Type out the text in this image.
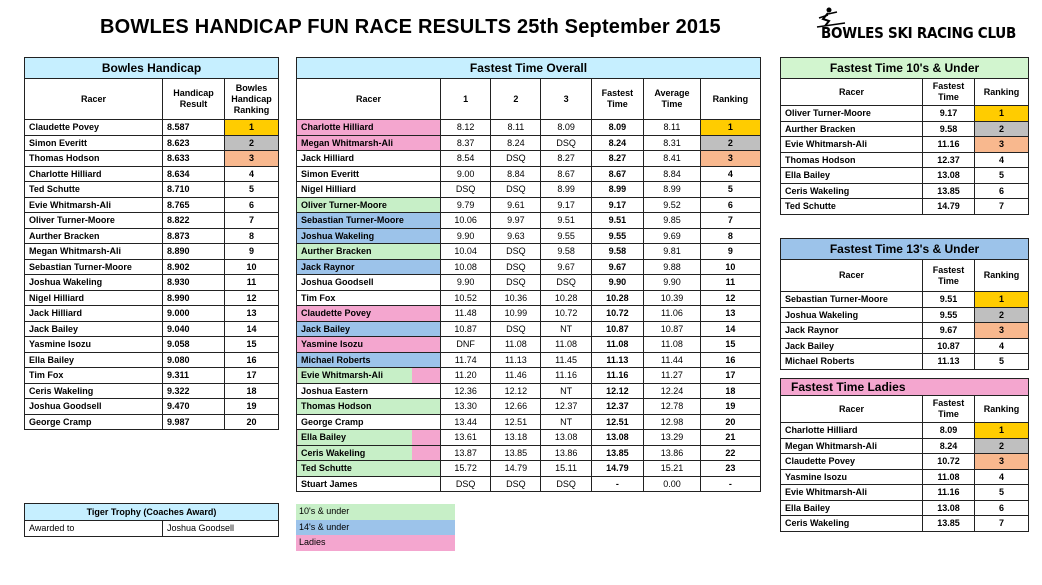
BOWLES HANDICAP FUN RACE RESULTS 25th September 2015	BOWLES SKI RACING CLUB
Bowles Handicap		
Racer	Handicap Result	Bowles Handicap Ranking
Claudette Povey	8.587	1
Simon Everitt	8.623	2
Thomas Hodson	8.633	3
Charlotte Hilliard	8.634	4
Ted Schutte	8.710	5
Evie Whitmarsh-Ali	8.765	6
Oliver Turner-Moore	8.822	7
Aurther Bracken	8.873	8
Megan Whitmarsh-Ali	8.890	9
Sebastian Turner-Moore	8.902	10
Joshua Wakeling	8.930	11
Nigel Hilliard	8.990	12
Jack Hilliard	9.000	13
Jack Bailey	9.040	14
Yasmine Isozu	9.058	15
Ella Bailey	9.080	16
Tim Fox	9.311	17
Ceris Wakeling	9.322	18
Joshua Goodsell	9.470	19
George Cramp	9.987	20
Fastest Time Overall						
Racer	1	2	3	Fastest Time	Average Time	Ranking
Charlotte Hilliard	8.12	8.11	8.09	8.09	8.11	1
Megan Whitmarsh-Ali	8.37	8.24	DSQ	8.24	8.31	2
Jack Hilliard	8.54	DSQ	8.27	8.27	8.41	3
Simon Everitt	9.00	8.84	8.67	8.67	8.84	4
Nigel Hilliard	DSQ	DSQ	8.99	8.99	8.99	5
Oliver Turner-Moore	9.79	9.61	9.17	9.17	9.52	6
Sebastian Turner-Moore	10.06	9.97	9.51	9.51	9.85	7
Joshua Wakeling	9.90	9.63	9.55	9.55	9.69	8
Aurther Bracken	10.04	DSQ	9.58	9.58	9.81	9
Jack Raynor	10.08	DSQ	9.67	9.67	9.88	10
Joshua Goodsell	9.90	DSQ	DSQ	9.90	9.90	11
Tim Fox	10.52	10.36	10.28	10.28	10.39	12
Claudette Povey	11.48	10.99	10.72	10.72	11.06	13
Jack Bailey	10.87	DSQ	NT	10.87	10.87	14
Yasmine Isozu	DNF	11.08	11.08	11.08	11.08	15
Michael Roberts	11.74	11.13	11.45	11.13	11.44	16
Evie Whitmarsh-Ali	11.20	11.46	11.16	11.16	11.27	17
Joshua Eastern	12.36	12.12	NT	12.12	12.24	18
Thomas Hodson	13.30	12.66	12.37	12.37	12.78	19
George Cramp	13.44	12.51	NT	12.51	12.98	20
Ella Bailey	13.61	13.18	13.08	13.08	13.29	21
Ceris Wakeling	13.87	13.85	13.86	13.85	13.86	22
Ted Schutte	15.72	14.79	15.11	14.79	15.21	23
Stuart James	DSQ	DSQ	DSQ	-	0.00	-
Fastest Time 10's & Under		
Racer	Fastest Time	Ranking
Oliver Turner-Moore	9.17	1
Aurther Bracken	9.58	2
Evie Whitmarsh-Ali	11.16	3
Thomas Hodson	12.37	4
Ella Bailey	13.08	5
Ceris Wakeling	13.85	6
Ted Schutte	14.79	7
Fastest Time 13's & Under		
Racer	Fastest Time	Ranking
Sebastian Turner-Moore	9.51	1
Joshua Wakeling	9.55	2
Jack Raynor	9.67	3
Jack Bailey	10.87	4
Michael Roberts	11.13	5
Fastest Time Ladies		
Racer	Fastest Time	Ranking
Charlotte Hilliard	8.09	1
Megan Whitmarsh-Ali	8.24	2
Claudette Povey	10.72	3
Yasmine Isozu	11.08	4
Evie Whitmarsh-Ali	11.16	5
Ella Bailey	13.08	6
Ceris Wakeling	13.85	7
Tiger Trophy (Coaches Award)
Awarded to	Joshua Goodsell
10's & under
14's & under
Ladies
